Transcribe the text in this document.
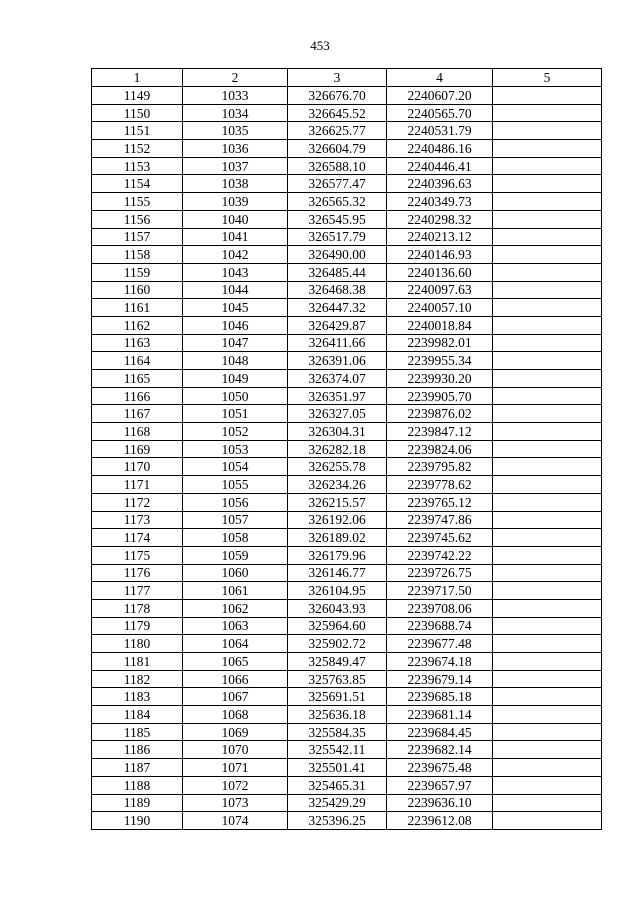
453
1	2	3	4	5
1149	1033	326676.70	2240607.20	
1150	1034	326645.52	2240565.70	
1151	1035	326625.77	2240531.79	
1152	1036	326604.79	2240486.16	
1153	1037	326588.10	2240446.41	
1154	1038	326577.47	2240396.63	
1155	1039	326565.32	2240349.73	
1156	1040	326545.95	2240298.32	
1157	1041	326517.79	2240213.12	
1158	1042	326490.00	2240146.93	
1159	1043	326485.44	2240136.60	
1160	1044	326468.38	2240097.63	
1161	1045	326447.32	2240057.10	
1162	1046	326429.87	2240018.84	
1163	1047	326411.66	2239982.01	
1164	1048	326391.06	2239955.34	
1165	1049	326374.07	2239930.20	
1166	1050	326351.97	2239905.70	
1167	1051	326327.05	2239876.02	
1168	1052	326304.31	2239847.12	
1169	1053	326282.18	2239824.06	
1170	1054	326255.78	2239795.82	
1171	1055	326234.26	2239778.62	
1172	1056	326215.57	2239765.12	
1173	1057	326192.06	2239747.86	
1174	1058	326189.02	2239745.62	
1175	1059	326179.96	2239742.22	
1176	1060	326146.77	2239726.75	
1177	1061	326104.95	2239717.50	
1178	1062	326043.93	2239708.06	
1179	1063	325964.60	2239688.74	
1180	1064	325902.72	2239677.48	
1181	1065	325849.47	2239674.18	
1182	1066	325763.85	2239679.14	
1183	1067	325691.51	2239685.18	
1184	1068	325636.18	2239681.14	
1185	1069	325584.35	2239684.45	
1186	1070	325542.11	2239682.14	
1187	1071	325501.41	2239675.48	
1188	1072	325465.31	2239657.97	
1189	1073	325429.29	2239636.10	
1190	1074	325396.25	2239612.08	
